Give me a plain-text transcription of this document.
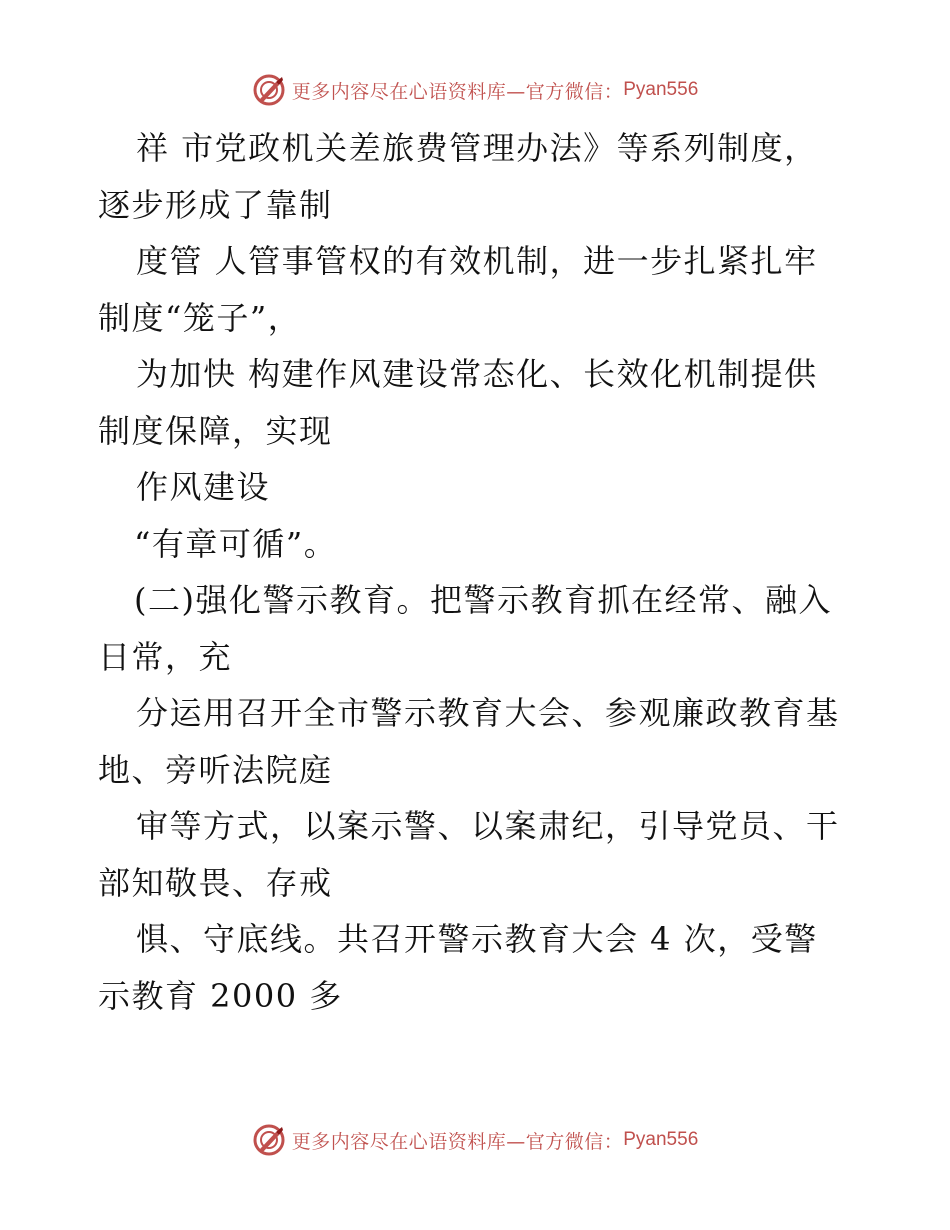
更多内容尽在心语资料库—官方微信： Pyan556
祥 市党政机关差旅费管理办法》等系列制度，
逐步形成了靠制
度管 人管事管权的有效机制，进一步扎紧扎牢
制度“笼子”，
为加快 构建作风建设常态化、长效化机制提供
制度保障，实现
作风建设
“有章可循”。
(二)强化警示教育。把警示教育抓在经常、融入
日常，充
分运用召开全市警示教育大会、参观廉政教育基
地、旁听法院庭
审等方式，以案示警、以案肃纪，引导党员、干
部知敬畏、存戒
惧、守底线。共召开警示教育大会 4 次，受警
示教育 2000 多
更多内容尽在心语资料库—官方微信： Pyan556
